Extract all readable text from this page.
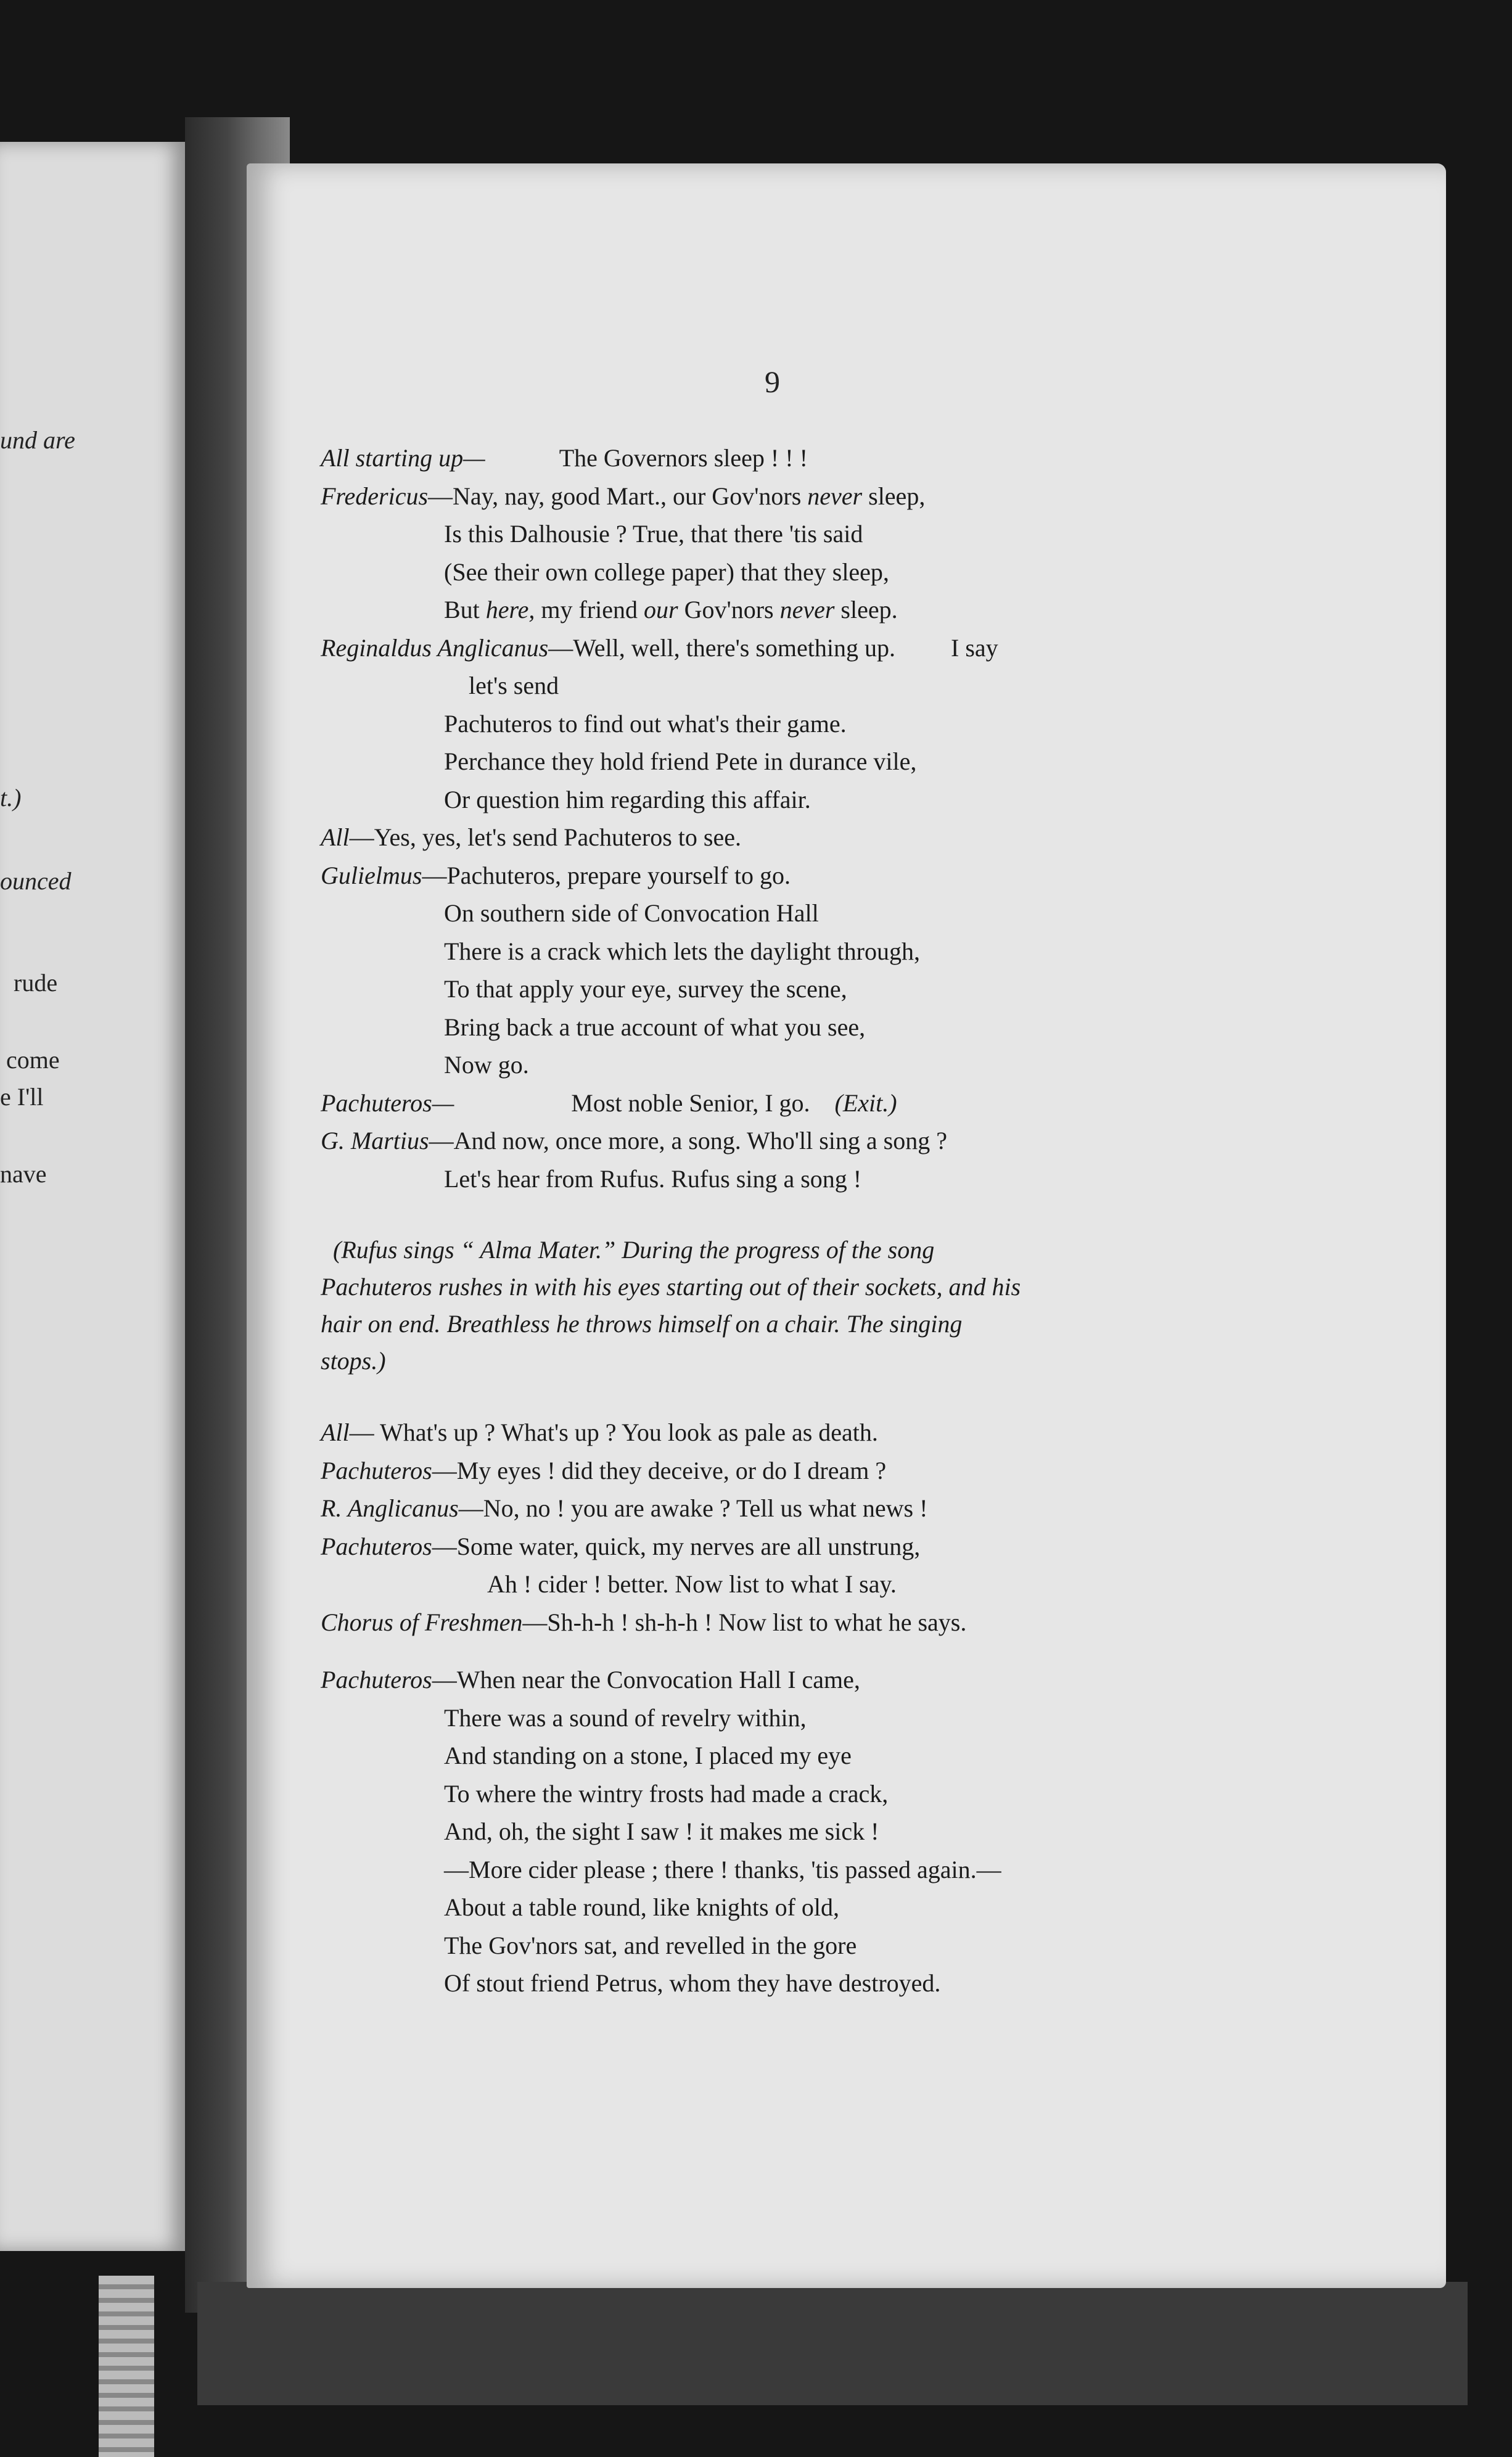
und are
t.)
ounced
rude
come
e I'll
nave
9
All starting up—	The Governors sleep ! ! !
Fredericus—Nay, nay, good Mart., our Gov'nors never sleep,
Is this Dalhousie ? True, that there 'tis said
(See their own college paper) that they sleep,
But here, my friend our Gov'nors never sleep.
Reginaldus Anglicanus—Well, well, there's something up. I say
let's send
Pachuteros to find out what's their game.
Perchance they hold friend Pete in durance vile,
Or question him regarding this affair.
All—Yes, yes, let's send Pachuteros to see.
Gulielmus—Pachuteros, prepare yourself to go.
On southern side of Convocation Hall
There is a crack which lets the daylight through,
To that apply your eye, survey the scene,
Bring back a true account of what you see,
Now go.
Pachuteros—	Most noble Senior, I go. (Exit.)
G. Martius—And now, once more, a song. Who'll sing a song ?
Let's hear from Rufus. Rufus sing a song !
(Rufus sings “ Alma Mater.” During the progress of the song
Pachuteros rushes in with his eyes starting out of their sockets, and his
hair on end. Breathless he throws himself on a chair. The singing
stops.)
All— What's up ? What's up ? You look as pale as death.
Pachuteros—My eyes ! did they deceive, or do I dream ?
R. Anglicanus—No, no ! you are awake ? Tell us what news !
Pachuteros—Some water, quick, my nerves are all unstrung,
Ah ! cider ! better. Now list to what I say.
Chorus of Freshmen—Sh-h-h ! sh-h-h ! Now list to what he says.
Pachuteros—When near the Convocation Hall I came,
There was a sound of revelry within,
And standing on a stone, I placed my eye
To where the wintry frosts had made a crack,
And, oh, the sight I saw ! it makes me sick !
—More cider please ; there ! thanks, 'tis passed again.—
About a table round, like knights of old,
The Gov'nors sat, and revelled in the gore
Of stout friend Petrus, whom they have destroyed.
